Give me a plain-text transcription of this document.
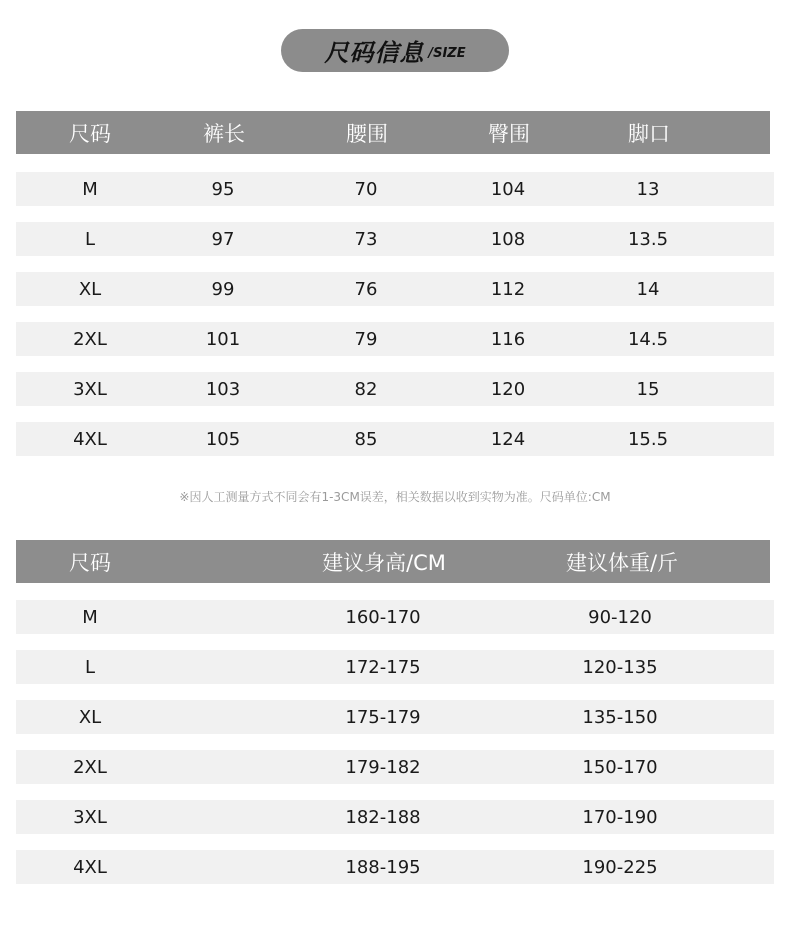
尺码信息 /SIZE
尺码	裤长	腰围	臀围	脚口
M	95	70	104	13
L	97	73	108	13.5
XL	99	76	112	14
2XL	101	79	116	14.5
3XL	103	82	120	15
4XL	105	85	124	15.5
※因人工测量方式不同会有1-3CM误差，相关数据以收到实物为准。尺码单位:CM
尺码	建议身高/CM	建议体重/斤
M	160-170	90-120
L	172-175	120-135
XL	175-179	135-150
2XL	179-182	150-170
3XL	182-188	170-190
4XL	188-195	190-225
